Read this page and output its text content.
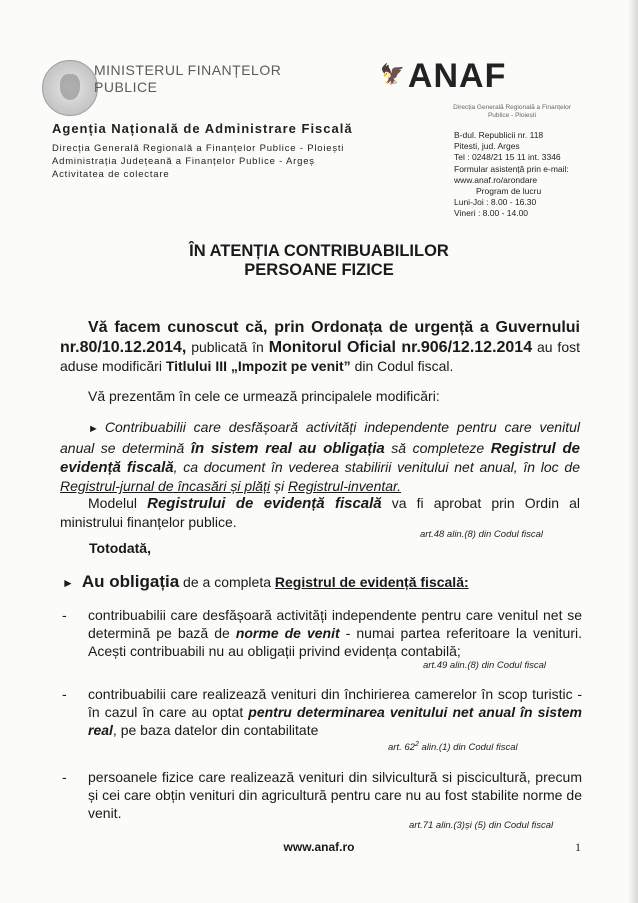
MINISTERUL FINANȚELOR
PUBLICE
🦅ANAF
Direcția Generală Regională a Finanțelor Publice - Ploiești
Agenția Națională de Administrare Fiscală
Direcția Generală Regională a Finanțelor Publice - Ploiești
Administrația Județeană a Finanțelor Publice - Argeș
Activitatea de colectare
B-dul. Republicii nr. 118
Pitesti, jud. Arges
Tel : 0248/21 15 11 int. 3346
Formular asistență prin e-mail:
www.anaf.ro/arondare
Program de lucru
Luni-Joi : 8.00 - 16.30
Vineri : 8.00 - 14.00
ÎN ATENȚIA CONTRIBUABILILOR
PERSOANE FIZICE
Vă facem cunoscut că, prin Ordonața de urgență a Guvernului nr.80/10.12.2014, publicată în Monitorul Oficial nr.906/12.12.2014 au fost aduse modificări Titlului III „Impozit pe venit” din Codul fiscal.
Vă prezentăm în cele ce urmează principalele modificări:
► Contribuabilii care desfășoară activități independente pentru care venitul anual se determină în sistem real au obligația să completeze Registrul de evidență fiscală, ca document în vederea stabilirii venitului net anual, în loc de Registrul-jurnal de încasări și plăți și Registrul-inventar.
Modelul Registrului de evidență fiscală va fi aprobat prin Ordin al ministrului finanțelor publice.
art.48 alin.(8) din Codul fiscal
Totodată,
► Au obligația de a completa Registrul de evidență fiscală:
- contribuabilii care desfășoară activități independente pentru care venitul net se determină pe bază de norme de venit - numai partea referitoare la venituri. Acești contribuabili nu au obligații privind evidența contabilă;
art.49 alin.(8) din Codul fiscal
- contribuabilii care realizează venituri din închirierea camerelor în scop turistic - în cazul în care au optat pentru determinarea venitului net anual în sistem real, pe baza datelor din contabilitate
art. $62^2$ alin.(1) din Codul fiscal
- persoanele fizice care realizează venituri din silvicultură si piscicultură, precum și cei care obțin venituri din agricultură pentru care nu au fost stabilite norme de venit.
art.71 alin.(3)și (5) din Codul fiscal
www.anaf.ro	1
